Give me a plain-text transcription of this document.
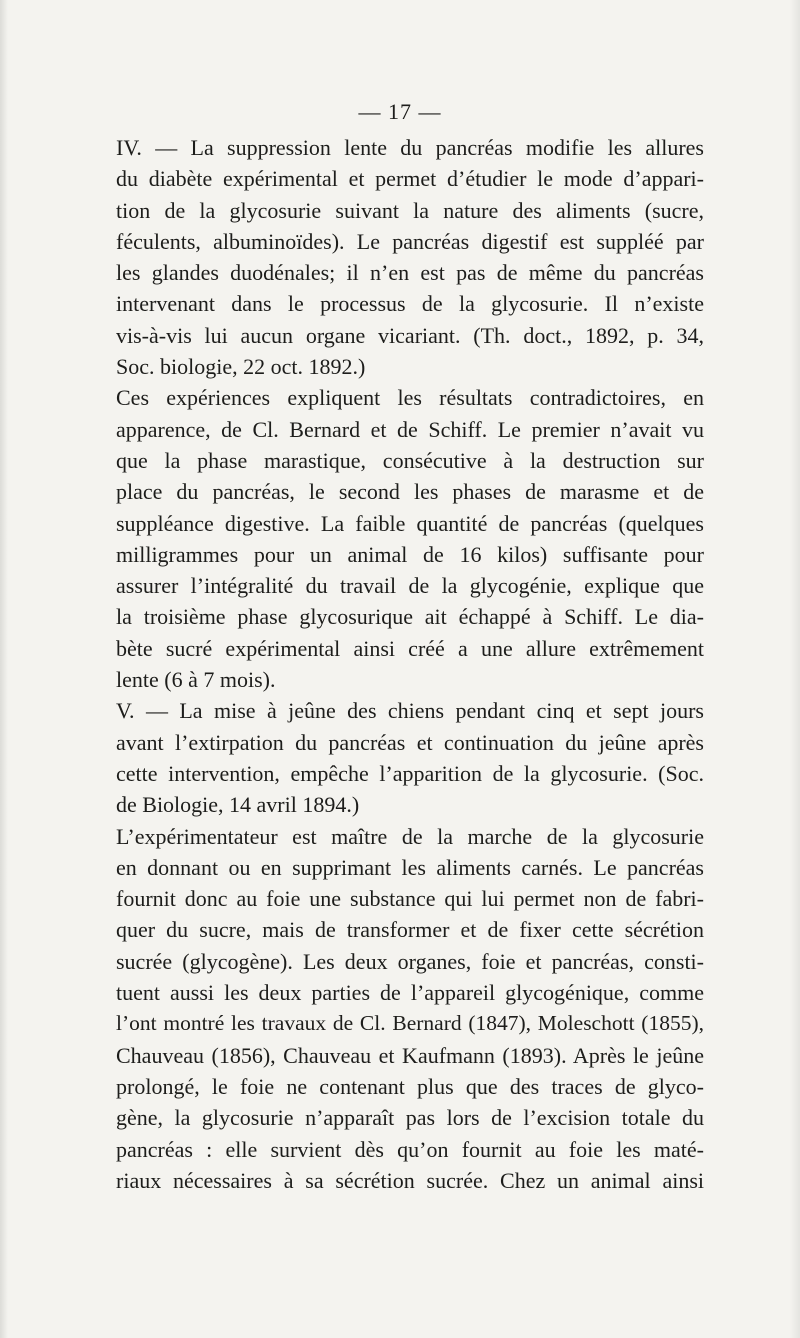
— 17 —
IV. — La suppression lente du pancréas modifie les allures
du diabète expérimental et permet d’étudier le mode d’appari-
tion de la glycosurie suivant la nature des aliments (sucre,
féculents, albuminoïdes). Le pancréas digestif est suppléé par
les glandes duodénales; il n’en est pas de même du pancréas
intervenant dans le processus de la glycosurie. Il n’existe
vis-à-vis lui aucun organe vicariant. (Th. doct., 1892, p. 34,
Soc. biologie, 22 oct. 1892.)
Ces expériences expliquent les résultats contradictoires, en
apparence, de Cl. Bernard et de Schiff. Le premier n’avait vu
que la phase marastique, consécutive à la destruction sur
place du pancréas, le second les phases de marasme et de
suppléance digestive. La faible quantité de pancréas (quelques
milligrammes pour un animal de 16 kilos) suffisante pour
assurer l’intégralité du travail de la glycogénie, explique que
la troisième phase glycosurique ait échappé à Schiff. Le dia-
bète sucré expérimental ainsi créé a une allure extrêmement
lente (6 à 7 mois).
V. — La mise à jeûne des chiens pendant cinq et sept jours
avant l’extirpation du pancréas et continuation du jeûne après
cette intervention, empêche l’apparition de la glycosurie. (Soc.
de Biologie, 14 avril 1894.)
L’expérimentateur est maître de la marche de la glycosurie
en donnant ou en supprimant les aliments carnés. Le pancréas
fournit donc au foie une substance qui lui permet non de fabri-
quer du sucre, mais de transformer et de fixer cette sécrétion
sucrée (glycogène). Les deux organes, foie et pancréas, consti-
tuent aussi les deux parties de l’appareil glycogénique, comme
l’ont montré les travaux de Cl. Bernard (1847), Moleschott (1855),
Chauveau (1856), Chauveau et Kaufmann (1893). Après le jeûne
prolongé, le foie ne contenant plus que des traces de glyco-
gène, la glycosurie n’apparaît pas lors de l’excision totale du
pancréas : elle survient dès qu’on fournit au foie les maté-
riaux nécessaires à sa sécrétion sucrée. Chez un animal ainsi
